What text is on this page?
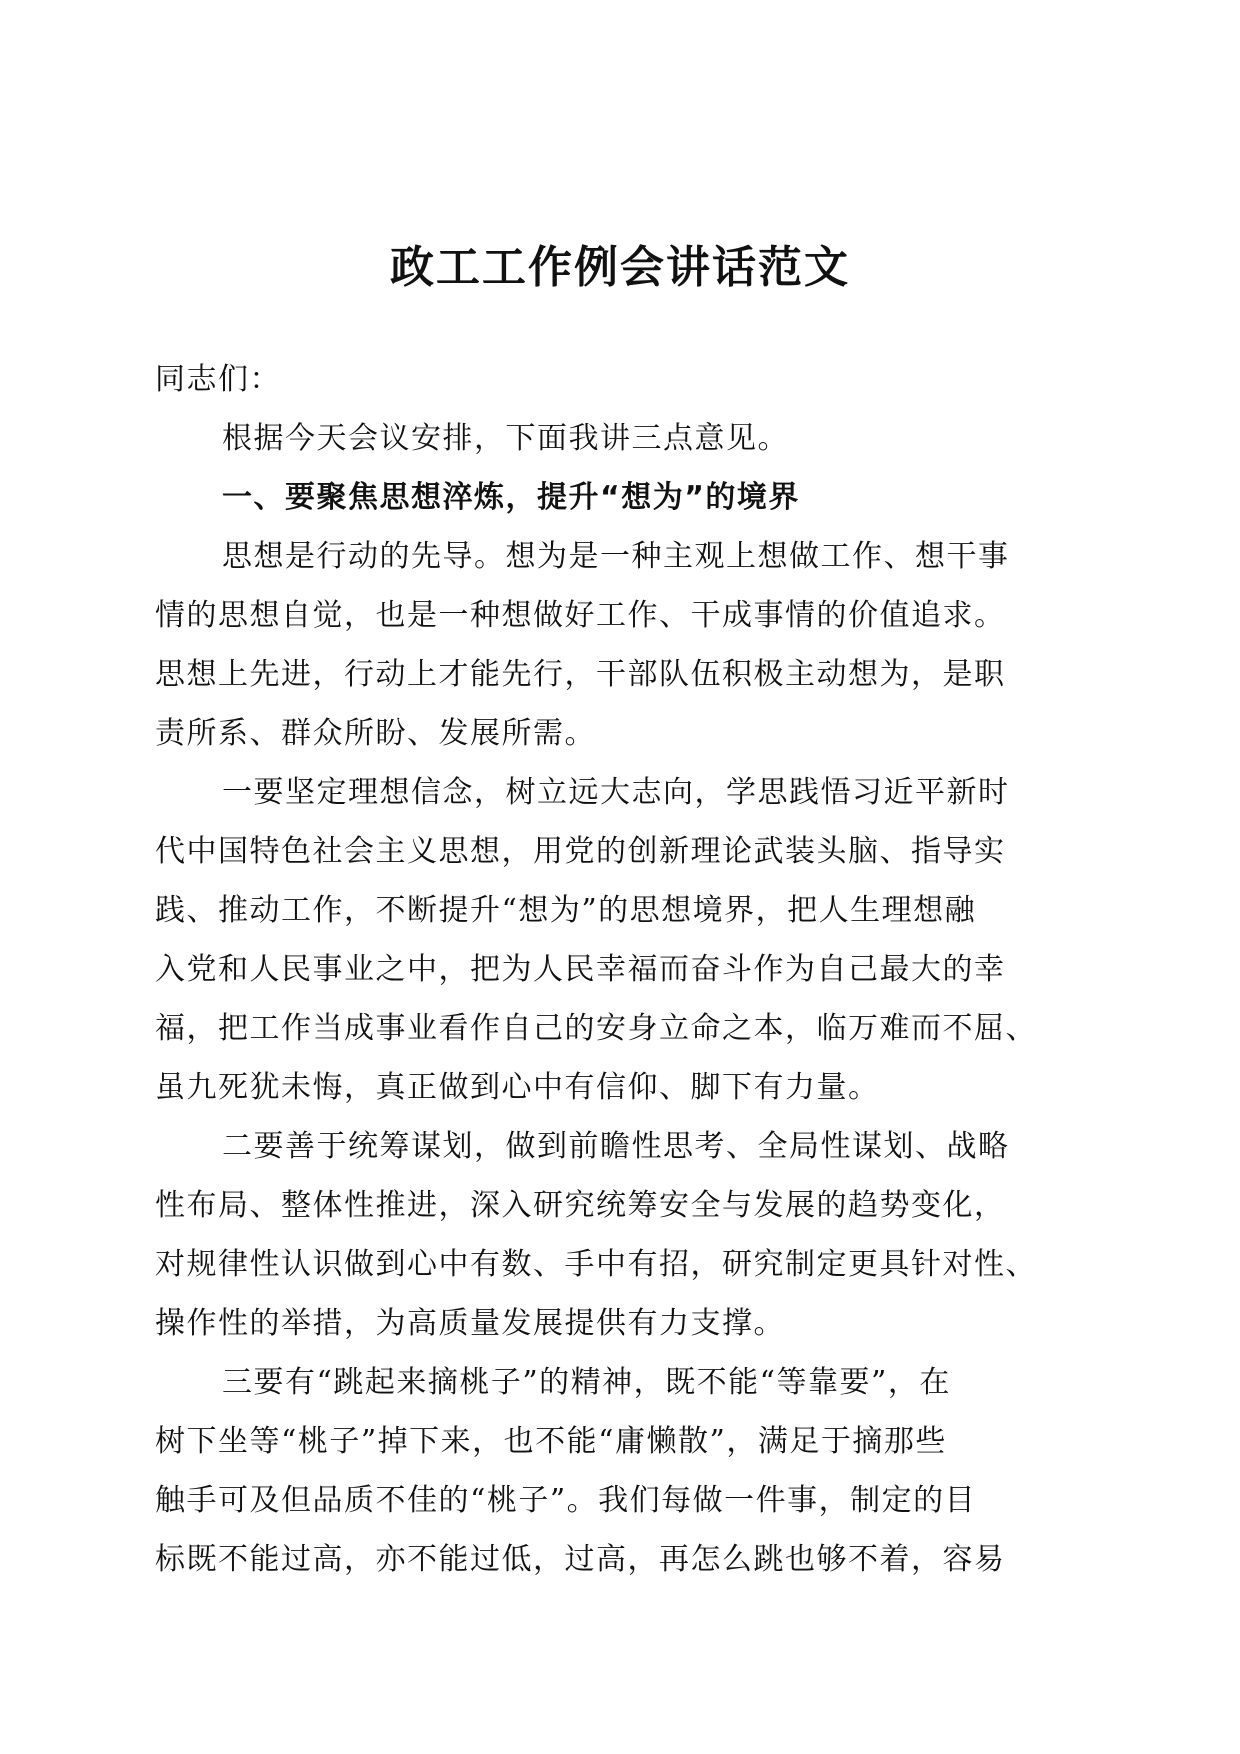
政工工作例会讲话范文
同志们：
根据今天会议安排，下面我讲三点意见。
一、要聚焦思想淬炼，提升“想为”的境界
思想是行动的先导。想为是一种主观上想做工作、想干事
情的思想自觉，也是一种想做好工作、干成事情的价值追求。
思想上先进，行动上才能先行，干部队伍积极主动想为，是职
责所系、群众所盼、发展所需。
一要坚定理想信念，树立远大志向，学思践悟习近平新时
代中国特色社会主义思想，用党的创新理论武装头脑、指导实
践、推动工作，不断提升“想为”的思想境界，把人生理想融
入党和人民事业之中，把为人民幸福而奋斗作为自己最大的幸
福，把工作当成事业看作自己的安身立命之本，临万难而不屈、
虽九死犹未悔，真正做到心中有信仰、脚下有力量。
二要善于统筹谋划，做到前瞻性思考、全局性谋划、战略
性布局、整体性推进，深入研究统筹安全与发展的趋势变化，
对规律性认识做到心中有数、手中有招，研究制定更具针对性、
操作性的举措，为高质量发展提供有力支撑。
三要有“跳起来摘桃子”的精神，既不能“等靠要”，在
树下坐等“桃子”掉下来，也不能“庸懒散”，满足于摘那些
触手可及但品质不佳的“桃子”。我们每做一件事，制定的目
标既不能过高，亦不能过低，过高，再怎么跳也够不着，容易
